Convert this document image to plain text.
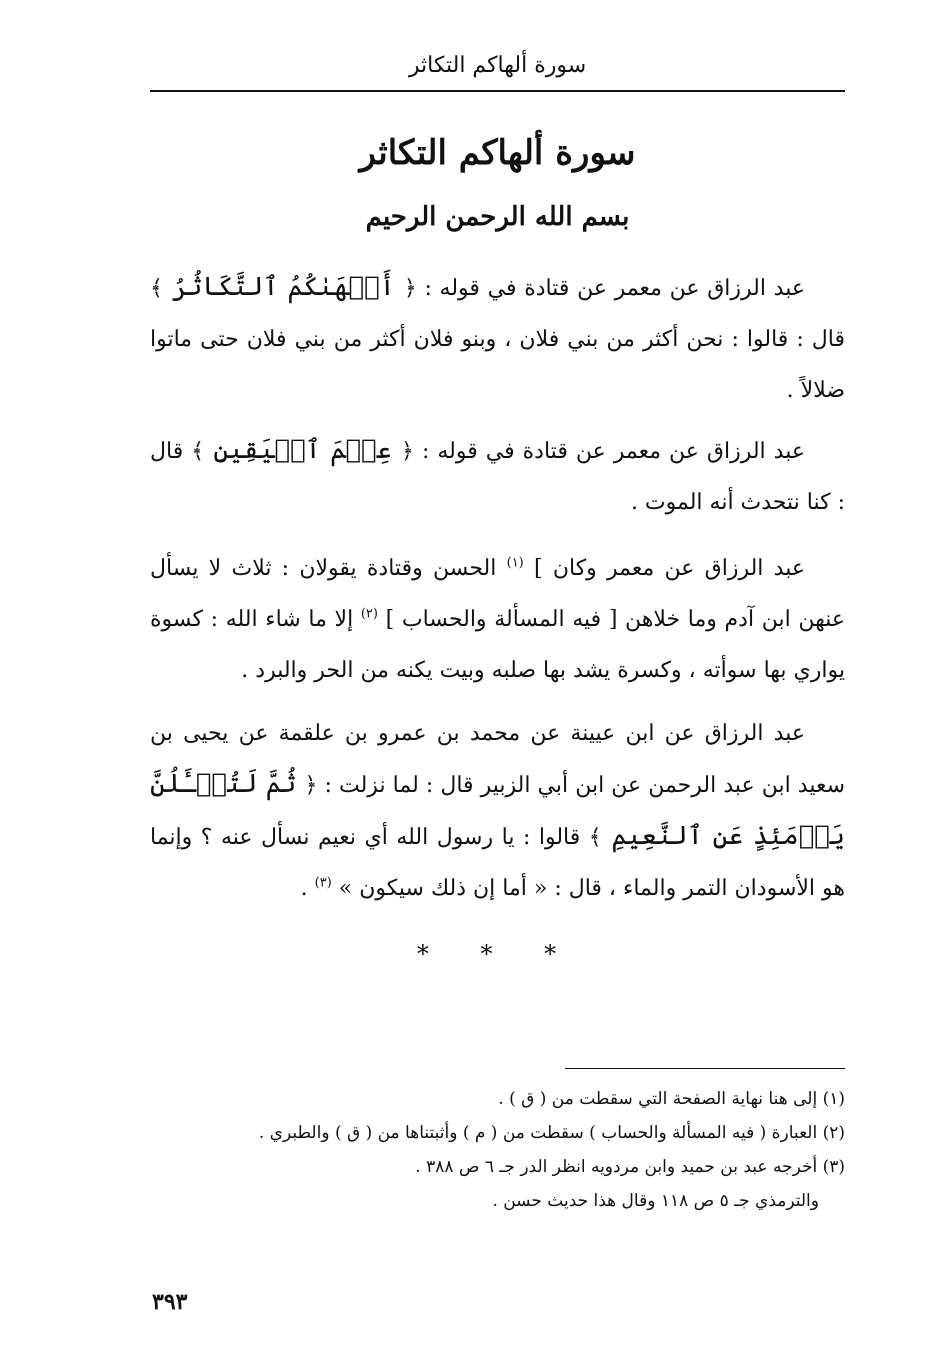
سورة ألهاكم التكاثر
سورة ألهاكم التكاثر
بسم الله الرحمن الرحيم

عبد الرزاق عن معمر عن قتادة في قوله : ﴿ أَلۡهَىٰكُمُ ٱلتَّكَاثُرُ ﴾ قال : قالوا : نحن أكثر من بني فلان ، وبنو فلان أكثر من بني فلان حتى ماتوا ضلالاً .

عبد الرزاق عن معمر عن قتادة في قوله : ﴿ عِلۡمَ ٱلۡيَقِينِ ﴾ قال : كنا نتحدث أنه الموت .

عبد الرزاق عن معمر وكان ] $^{(١)}$ الحسن وقتادة يقولان : ثلاث لا يسأل عنهن ابن آدم وما خلاهن [ فيه المسألة والحساب ] $^{(٢)}$ إلا ما شاء الله : كسوة يواري بها سوأته ، وكسرة يشد بها صلبه وبيت يكنه من الحر والبرد .

عبد الرزاق عن ابن عيينة عن محمد بن عمرو بن علقمة عن يحيى بن سعيد ابن عبد الرحمن عن ابن أبي الزبير قال : لما نزلت : ﴿ ثُمَّ لَتُسۡـَٔلُنَّ يَوۡمَئِذٍ عَنِ ٱلنَّعِيمِ ﴾ قالوا : يا رسول الله أي نعيم نسأل عنه ؟ وإنما هو الأسودان التمر والماء ، قال : « أما إن ذلك سيكون » $^{(٣)}$ .

* * *
(١) إلى هنا نهاية الصفحة التي سقطت من ( ق ) .
(٢) العبارة ( فيه المسألة والحساب ) سقطت من ( م ) وأثبتناها من ( ق ) والطبري .
(٣) أخرجه عبد بن حميد وابن مردويه انظر الدر جـ ٦ ص ٣٨٨ .
والترمذي جـ ٥ ص ١١٨ وقال هذا حديث حسن .
٣٩٣
